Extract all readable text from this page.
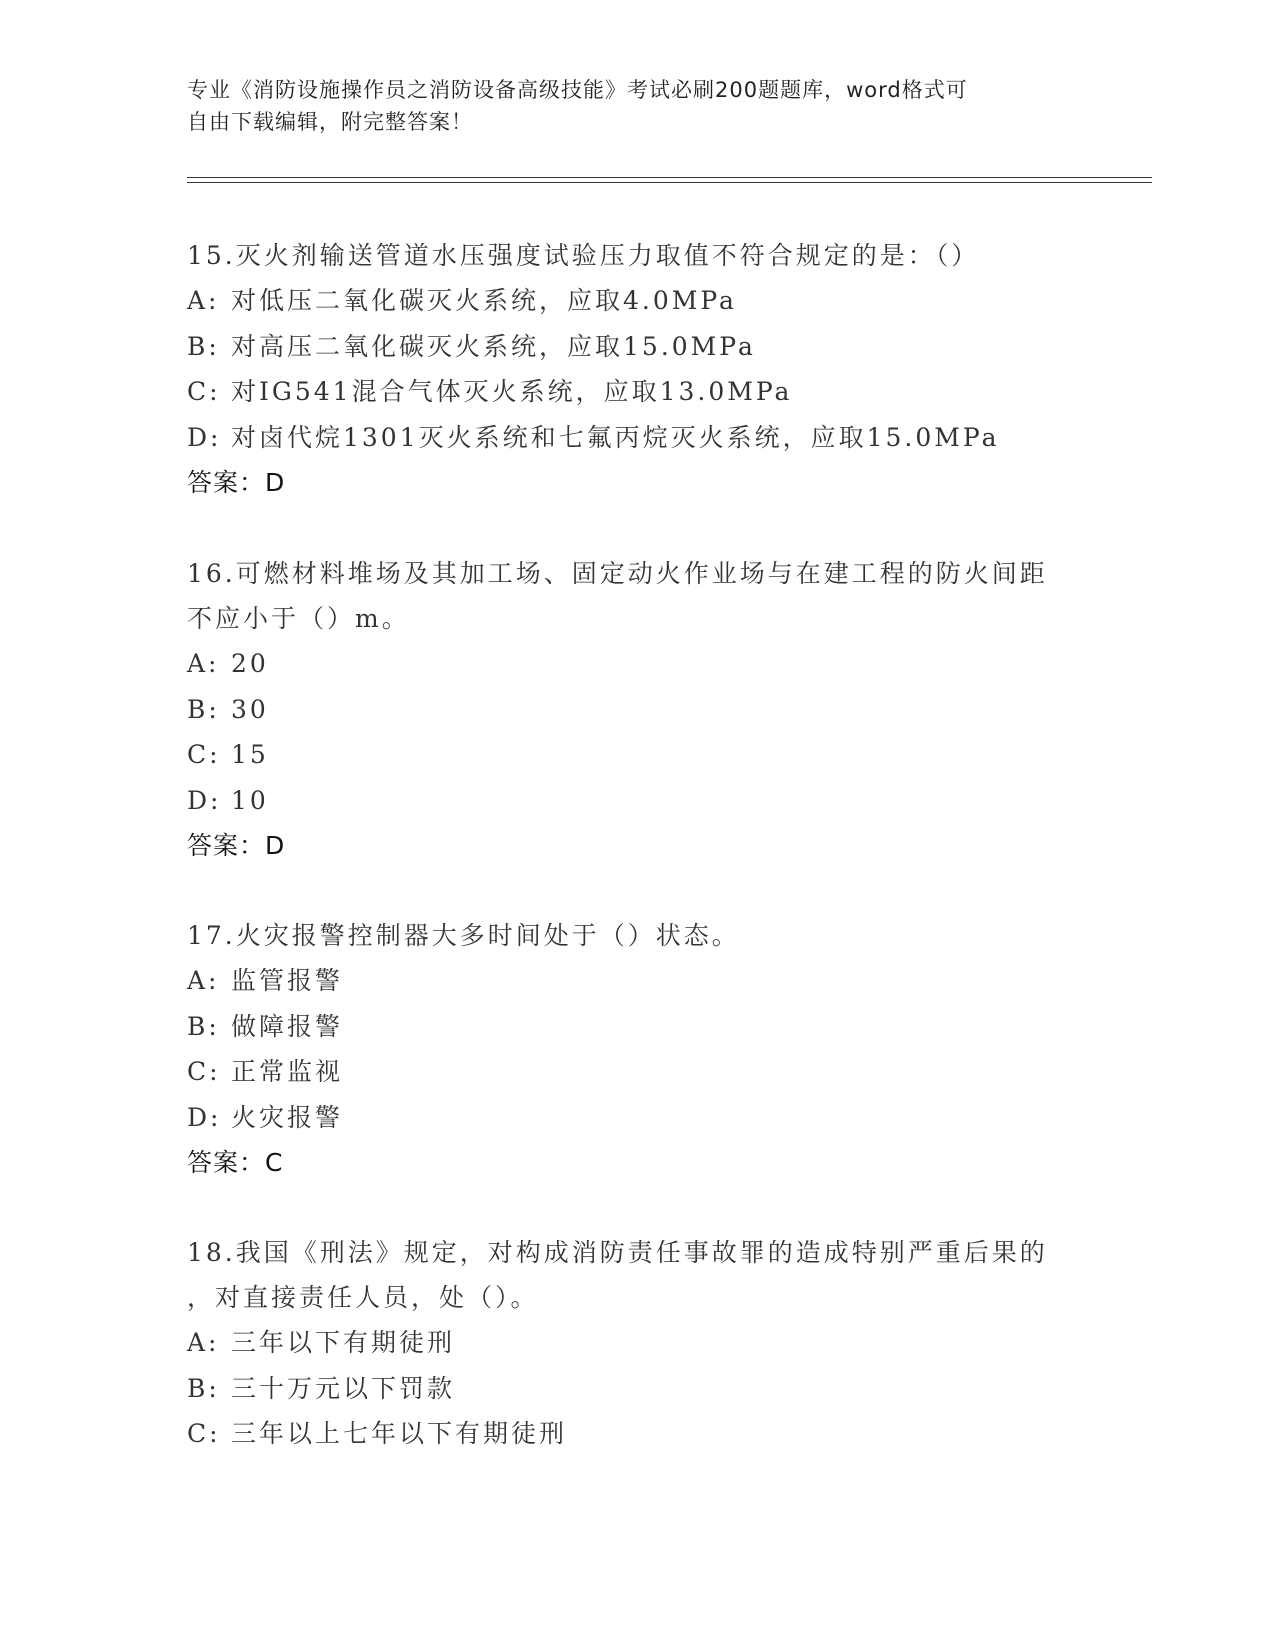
专业《消防设施操作员之消防设备高级技能》考试必刷200题题库，word格式可
自由下载编辑，附完整答案！
15.灭火剂输送管道水压强度试验压力取值不符合规定的是：（）
A: 对低压二氧化碳灭火系统，应取4.0MPa
B: 对高压二氧化碳灭火系统，应取15.0MPa
C: 对IG541混合气体灭火系统，应取13.0MPa
D: 对卤代烷1301灭火系统和七氟丙烷灭火系统，应取15.0MPa
答案：D
16.可燃材料堆场及其加工场、固定动火作业场与在建工程的防火间距
不应小于（）m。
A: 20
B: 30
C: 15
D: 10
答案：D
17.火灾报警控制器大多时间处于（）状态。
A: 监管报警
B: 做障报警
C: 正常监视
D: 火灾报警
答案：C
18.我国《刑法》规定，对构成消防责任事故罪的造成特别严重后果的
，对直接责任人员，处（）。
A: 三年以下有期徒刑
B: 三十万元以下罚款
C: 三年以上七年以下有期徒刑
